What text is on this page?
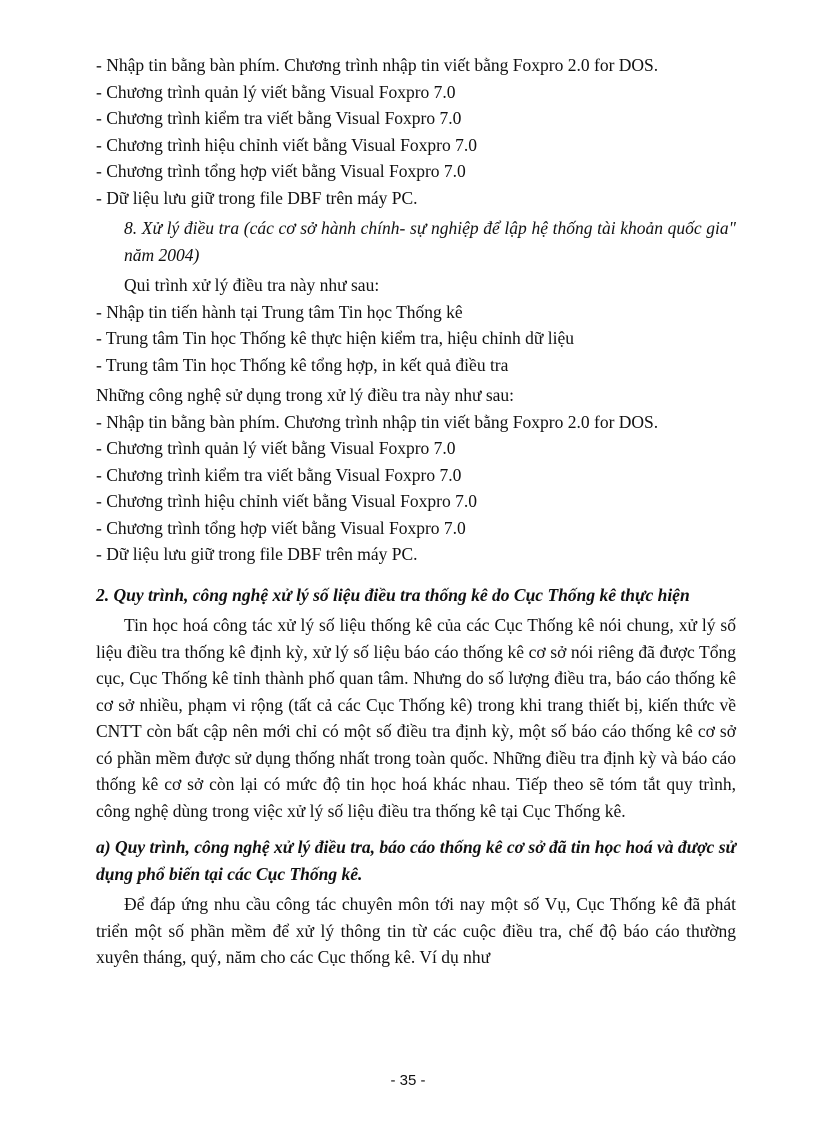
- Nhập tin bằng bàn phím. Chương trình nhập tin viết bằng Foxpro 2.0 for DOS.

- Chương trình quản lý viết bằng Visual Foxpro 7.0

- Chương trình kiểm tra viết bằng Visual Foxpro 7.0

- Chương trình hiệu chỉnh viết bằng Visual Foxpro 7.0

- Chương trình tổng hợp viết bằng Visual Foxpro 7.0

- Dữ liệu lưu giữ trong file DBF trên máy PC.

8. Xử lý điều tra (các cơ sở hành chính- sự nghiệp để lập hệ thống tài khoản quốc gia" năm 2004)

Qui trình xử lý điều tra này như sau:

- Nhập tin tiến hành tại Trung tâm Tin học Thống kê

- Trung tâm Tin học Thống kê thực hiện kiểm tra, hiệu chỉnh dữ liệu

- Trung tâm Tin học Thống kê tổng hợp, in kết quả điều tra

Những công nghệ sử dụng trong xử lý điều tra này như sau:

- Nhập tin bằng bàn phím. Chương trình nhập tin viết bằng Foxpro 2.0 for DOS.

- Chương trình quản lý viết bằng Visual Foxpro 7.0

- Chương trình kiểm tra viết bằng Visual Foxpro 7.0

- Chương trình hiệu chỉnh viết bằng Visual Foxpro 7.0

- Chương trình tổng hợp viết bằng Visual Foxpro 7.0

- Dữ liệu lưu giữ trong file DBF trên máy PC.

2. Quy trình, công nghệ xử lý số liệu điều tra thống kê do Cục Thống kê thực hiện

Tin học hoá công tác xử lý số liệu thống kê của các Cục Thống kê nói chung, xử lý số liệu điều tra thống kê định kỳ, xử lý số liệu báo cáo thống kê cơ sở nói riêng đã được Tổng cục, Cục Thống kê tỉnh thành phố quan tâm. Nhưng do số lượng điều tra, báo cáo thống kê cơ sở nhiều, phạm vi rộng (tất cả các Cục Thống kê) trong khi trang thiết bị, kiến thức về CNTT còn bất cập nên mới chỉ có một số điều tra định kỳ, một số báo cáo thống kê cơ sở có phần mềm được sử dụng thống nhất trong toàn quốc. Những điều tra định kỳ và báo cáo thống kê cơ sở còn lại có mức độ tin học hoá khác nhau. Tiếp theo sẽ tóm tắt quy trình, công nghệ dùng trong việc xử lý số liệu điều tra thống kê tại Cục Thống kê.

a) Quy trình, công nghệ xử lý điều tra, báo cáo thống kê cơ sở đã tin học hoá và được sử dụng phổ biến tại các Cục Thống kê.

Để đáp ứng nhu cầu công tác chuyên môn tới nay một số Vụ, Cục Thống kê đã phát triển một số phần mềm để xử lý thông tin từ các cuộc điều tra, chế độ báo cáo thường xuyên tháng, quý, năm cho các Cục thống kê. Ví dụ như

- 35 -
